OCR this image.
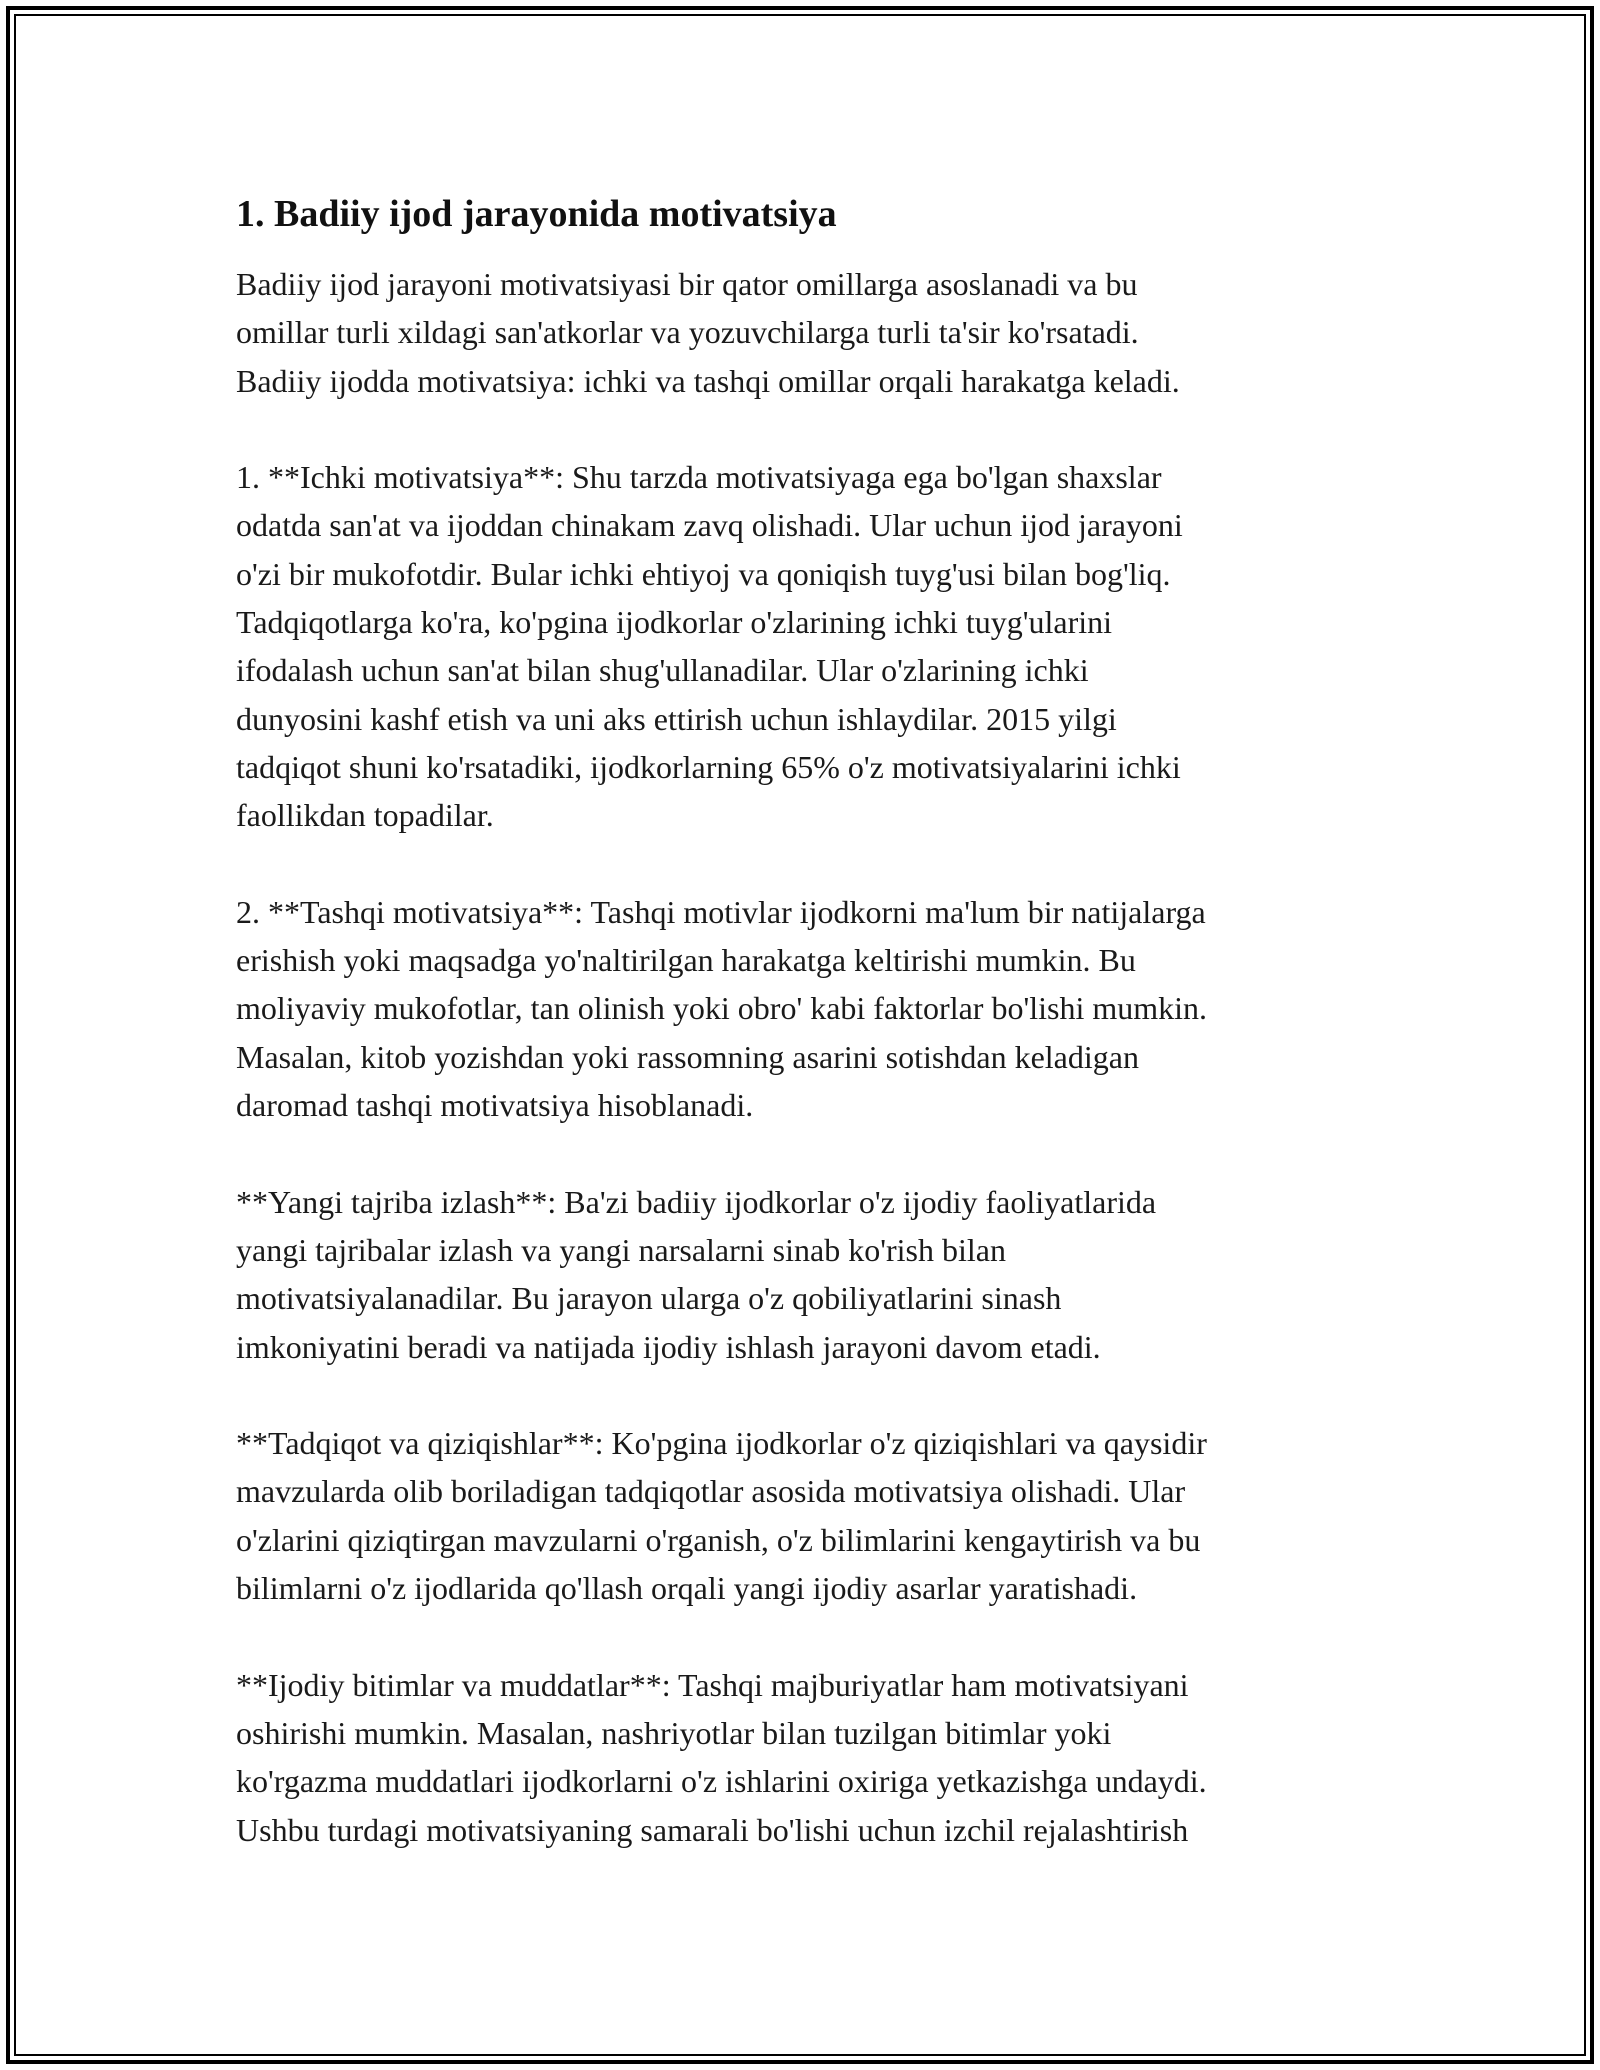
1. Badiiy ijod jarayonida motivatsiya

Badiiy ijod jarayoni motivatsiyasi bir qator omillarga asoslanadi va bu
omillar turli xildagi san'atkorlar va yozuvchilarga turli ta'sir ko'rsatadi.
Badiiy ijodda motivatsiya: ichki va tashqi omillar orqali harakatga keladi.

1. **Ichki motivatsiya**: Shu tarzda motivatsiyaga ega bo'lgan shaxslar
odatda san'at va ijoddan chinakam zavq olishadi. Ular uchun ijod jarayoni
o'zi bir mukofotdir. Bular ichki ehtiyoj va qoniqish tuyg'usi bilan bog'liq.
Tadqiqotlarga ko'ra, ko'pgina ijodkorlar o'zlarining ichki tuyg'ularini
ifodalash uchun san'at bilan shug'ullanadilar. Ular o'zlarining ichki
dunyosini kashf etish va uni aks ettirish uchun ishlaydilar. 2015 yilgi
tadqiqot shuni ko'rsatadiki, ijodkorlarning 65% o'z motivatsiyalarini ichki
faollikdan topadilar.

2. **Tashqi motivatsiya**: Tashqi motivlar ijodkorni ma'lum bir natijalarga
erishish yoki maqsadga yo'naltirilgan harakatga keltirishi mumkin. Bu
moliyaviy mukofotlar, tan olinish yoki obro' kabi faktorlar bo'lishi mumkin.
Masalan, kitob yozishdan yoki rassomning asarini sotishdan keladigan
daromad tashqi motivatsiya hisoblanadi.

**Yangi tajriba izlash**: Ba'zi badiiy ijodkorlar o'z ijodiy faoliyatlarida
yangi tajribalar izlash va yangi narsalarni sinab ko'rish bilan
motivatsiyalanadilar. Bu jarayon ularga o'z qobiliyatlarini sinash
imkoniyatini beradi va natijada ijodiy ishlash jarayoni davom etadi.

**Tadqiqot va qiziqishlar**: Ko'pgina ijodkorlar o'z qiziqishlari va qaysidir
mavzularda olib boriladigan tadqiqotlar asosida motivatsiya olishadi. Ular
o'zlarini qiziqtirgan mavzularni o'rganish, o'z bilimlarini kengaytirish va bu
bilimlarni o'z ijodlarida qo'llash orqali yangi ijodiy asarlar yaratishadi.

**Ijodiy bitimlar va muddatlar**: Tashqi majburiyatlar ham motivatsiyani
oshirishi mumkin. Masalan, nashriyotlar bilan tuzilgan bitimlar yoki
ko'rgazma muddatlari ijodkorlarni o'z ishlarini oxiriga yetkazishga undaydi.
Ushbu turdagi motivatsiyaning samarali bo'lishi uchun izchil rejalashtirish
